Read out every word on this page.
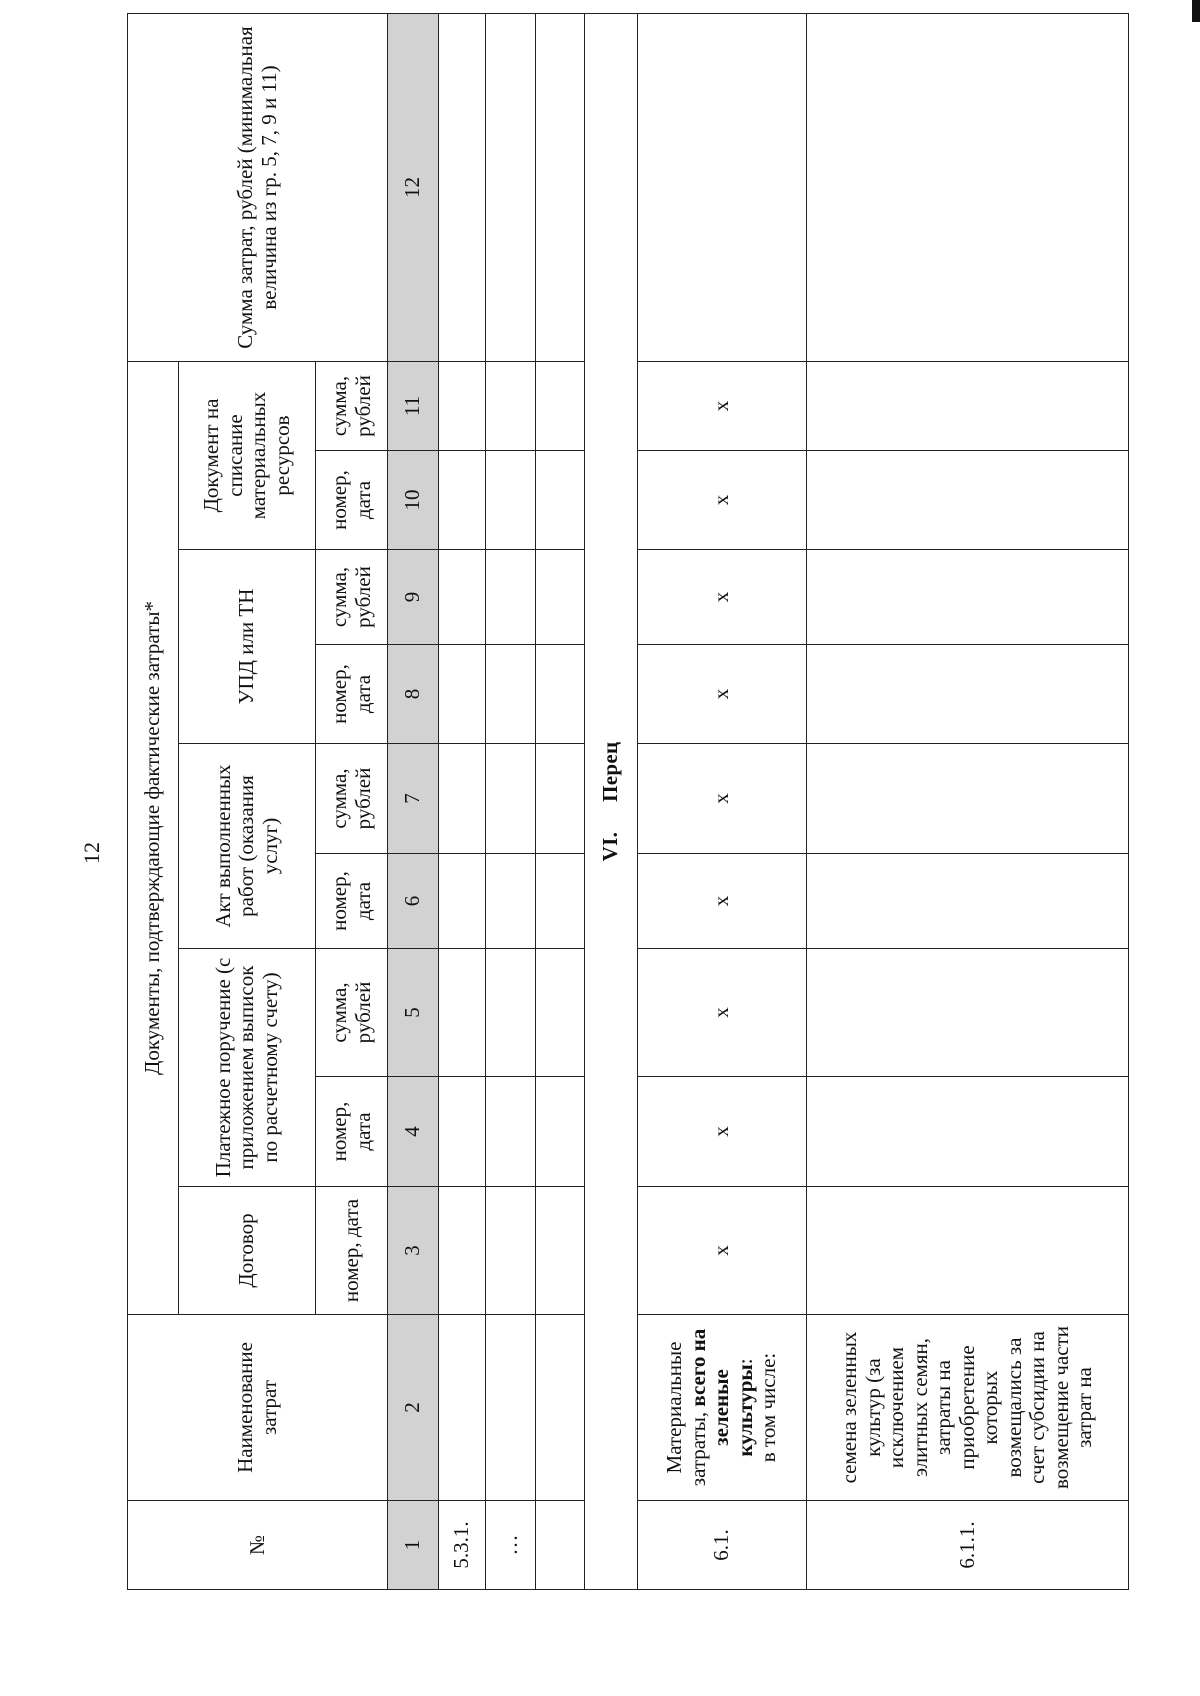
12
№	Наименование затрат	Документы, подтверждающие фактические затраты*									Сумма затрат, рублей (минимальная величина из гр. 5, 7, 9 и 11)
		Договор	Платежное поручение (с приложением выписок по расчетному счету)		Акт выполненных работ (оказания услуг)		УПД или ТН		Документ на списание материальных ресурсов		
		номер, дата	номер, дата	сумма, рублей	номер, дата	сумма, рублей	номер, дата	сумма, рублей	номер, дата	сумма, рублей	
1	2	3	4	5	6	7	8	9	10	11	12
5.3.1.											
…											

VI.Перец											
6.1.	Материальные затраты, всего на зеленые культуры: в том числе:	х	х	х	х	х	х	х	х	х	
6.1.1.	семена зеленных культур (за исключением элитных семян, затраты на приобретение которых возмещались за счет субсидии на возмещение части затрат на										
